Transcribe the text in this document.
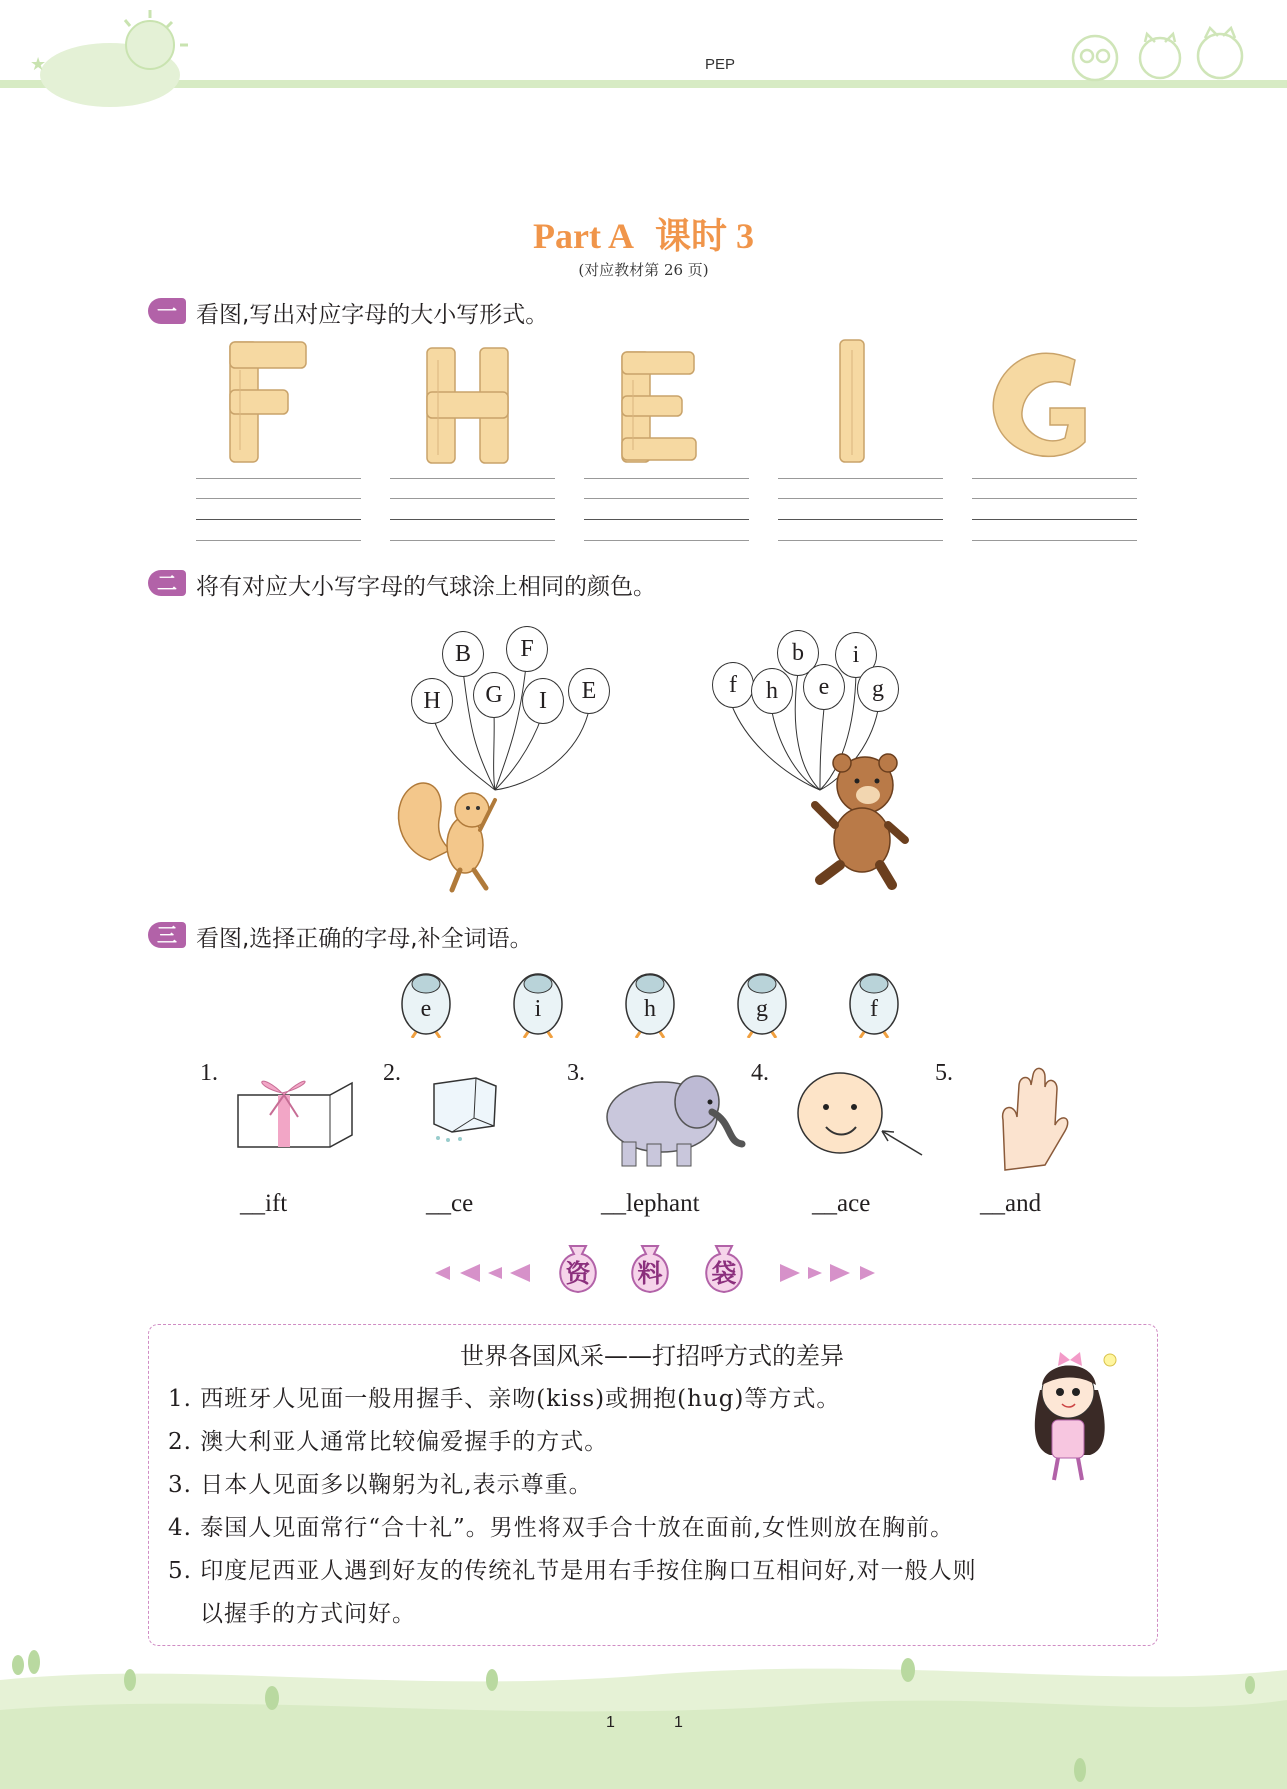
★	PEP
Part A 课时 3
(对应教材第 26 页)
一 看图,写出对应字母的大小写形式。
二 将有对应大小写字母的气球涂上相同的颜色。
B	F
H	G	I	E
b	i
f	h	e	g
三 看图,选择正确的字母,补全词语。
e	i	h	g	f
1.	2.	3.	4.	5.
__ift	__ce	__lephant	__ace	__and
资	料	袋
世界各国风采——打招呼方式的差异
1. 西班牙人见面一般用握手、亲吻(kiss)或拥抱(hug)等方式。
2. 澳大利亚人通常比较偏爱握手的方式。
3. 日本人见面多以鞠躬为礼,表示尊重。
4. 泰国人见面常行“合十礼”。男性将双手合十放在面前,女性则放在胸前。
5. 印度尼西亚人遇到好友的传统礼节是用右手按住胸口互相问好,对一般人则
以握手的方式问好。
1	1
